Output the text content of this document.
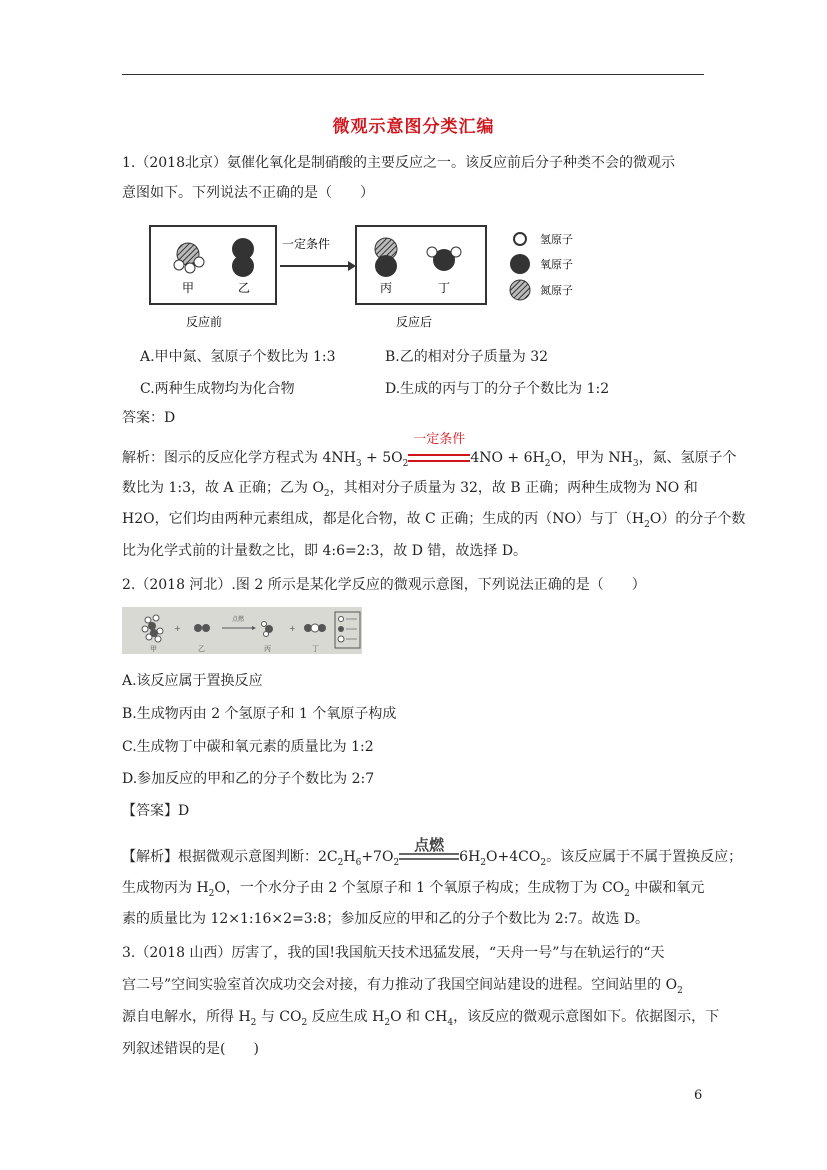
微观示意图分类汇编
1.（2018北京）氨催化氧化是制硝酸的主要反应之一。该反应前后分子种类不会的微观示
意图如下。下列说法不正确的是（　　）
甲	乙
一定条件
丙	丁
氢原子
氧原子
氮原子
反应前	反应后
A.甲中氮、氢原子个数比为 1:3	B.乙的相对分子质量为 32
C.两种生成物均为化合物	D.生成的丙与丁的分子个数比为 1:2
答案：D
解析：图示的反应化学方程式为 $4NH_3 + 5O_2$
一定条件
$4NO + 6H_2O$，甲为 $NH_3$，氮、氢原子个
数比为 1:3，故 A 正确；乙为 $O_2$，其相对分子质量为 32，故 B 正确；两种生成物为 NO 和
H2O，它们均由两种元素组成，都是化合物，故 C 正确；生成的丙（NO）与丁$(H_2O)$的分子个数
比为化学式前的计量数之比，即 4:6=2:3，故 D 错，故选择 D。
2.（2018 河北）.图 2 所示是某化学反应的微观示意图，下列说法正确的是（　　）
甲
+
乙
点燃
丙
+
丁
A.该反应属于置换反应
B.生成物丙由 2 个氢原子和 1 个氧原子构成
C.生成物丁中碳和氧元素的质量比为 1:2
D.参加反应的甲和乙的分子个数比为 2:7
【答案】D
【解析】根据微观示意图判断：$2C_2H_6+7O_2$
点燃
$6H_2O+4CO_2$。该反应属于不属于置换反应；
生成物丙为 $H_2O$，一个水分子由 2 个氢原子和 1 个氧原子构成；生成物丁为 $CO_2$ 中碳和氧元
素的质量比为 12×1:16×2=3:8；参加反应的甲和乙的分子个数比为 2:7。故选 D。
3.（2018 山西）厉害了，我的国!我国航天技术迅猛发展，“天舟一号”与在轨运行的“天
宫二号”空间实验室首次成功交会对接，有力推动了我国空间站建设的进程。空间站里的 $O_2$
源自电解水，所得 $H_2$ 与 $CO_2$ 反应生成 $H_2O$ 和 $CH_4$，该反应的微观示意图如下。依据图示，下
列叙述错误的是(　　)
6
